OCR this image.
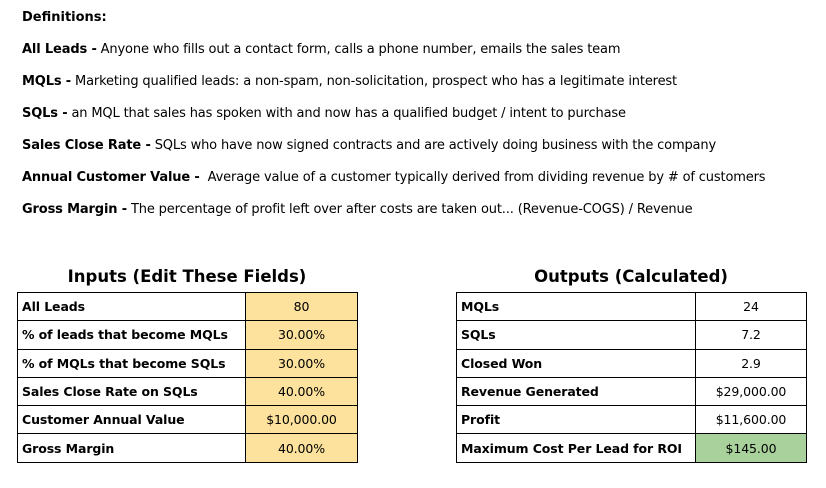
Definitions:
All Leads - Anyone who fills out a contact form, calls a phone number, emails the sales team
MQLs - Marketing qualified leads: a non-spam, non-solicitation, prospect who has a legitimate interest
SQLs - an MQL that sales has spoken with and now has a qualified budget / intent to purchase
Sales Close Rate - SQLs who have now signed contracts and are actively doing business with the company
Annual Customer Value -  Average value of a customer typically derived from dividing revenue by # of customers
Gross Margin - The percentage of profit left over after costs are taken out... (Revenue-COGS) / Revenue
Inputs (Edit These Fields)
All Leads	80
% of leads that become MQLs	30.00%
% of MQLs that become SQLs	30.00%
Sales Close Rate on SQLs	40.00%
Customer Annual Value	$10,000.00
Gross Margin	40.00%
Outputs (Calculated)
MQLs	24
SQLs	7.2
Closed Won	2.9
Revenue Generated	$29,000.00
Profit	$11,600.00
Maximum Cost Per Lead for ROI	$145.00
